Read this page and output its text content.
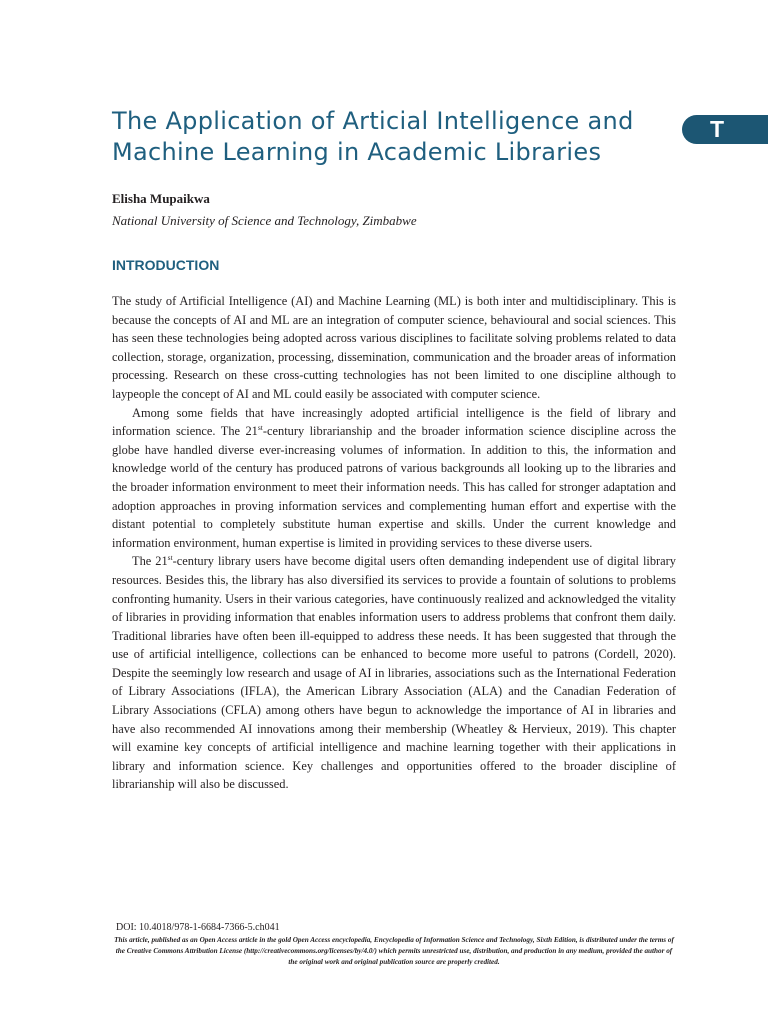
The Application of Articial Intelligence and Machine Learning in Academic Libraries
T

Elisha Mupaikwa

National University of Science and Technology, Zimbabwe

INTRODUCTION

The study of Artificial Intelligence (AI) and Machine Learning (ML) is both inter and multidisciplinary. This is because the concepts of AI and ML are an integration of computer science, behavioural and social sciences. This has seen these technologies being adopted across various disciplines to facilitate solving problems related to data collection, storage, organization, processing, dissemination, communication and the broader areas of information processing. Research on these cross-cutting technologies has not been limited to one discipline although to laypeople the concept of AI and ML could easily be associated with computer science.

Among some fields that have increasingly adopted artificial intelligence is the field of library and information science. The 21st-century librarianship and the broader information science discipline across the globe have handled diverse ever-increasing volumes of information. In addition to this, the information and knowledge world of the century has produced patrons of various backgrounds all looking up to the libraries and the broader information environment to meet their information needs. This has called for stronger adaptation and adoption approaches in proving information services and complementing human effort and expertise with the distant potential to completely substitute human expertise and skills. Under the current knowledge and information environment, human expertise is limited in providing services to these diverse users.

The 21st-century library users have become digital users often demanding independent use of digital library resources. Besides this, the library has also diversified its services to provide a fountain of solutions to problems confronting humanity. Users in their various categories, have continuously realized and acknowledged the vitality of libraries in providing information that enables information users to address problems that confront them daily. Traditional libraries have often been ill-equipped to address these needs. It has been suggested that through the use of artificial intelligence, collections can be enhanced to become more useful to patrons (Cordell, 2020). Despite the seemingly low research and usage of AI in libraries, associations such as the International Federation of Library Associations (IFLA), the American Library Association (ALA) and the Canadian Federation of Library Associations (CFLA) among others have begun to acknowledge the importance of AI in libraries and have also recommended AI innovations among their membership (Wheatley & Hervieux, 2019). This chapter will examine key concepts of artificial intelligence and machine learning together with their applications in library and information science. Key challenges and opportunities offered to the broader discipline of librarianship will also be discussed.

DOI: 10.4018/978-1-6684-7366-5.ch041

This article, published as an Open Access article in the gold Open Access encyclopedia, Encyclopedia of Information Science and Technology, Sixth Edition, is distributed under the terms of the Creative Commons Attribution License (http://creativecommons.org/licenses/by/4.0/) which permits unrestricted use, distribution, and production in any medium, provided the author of the original work and original publication source are properly credited.
